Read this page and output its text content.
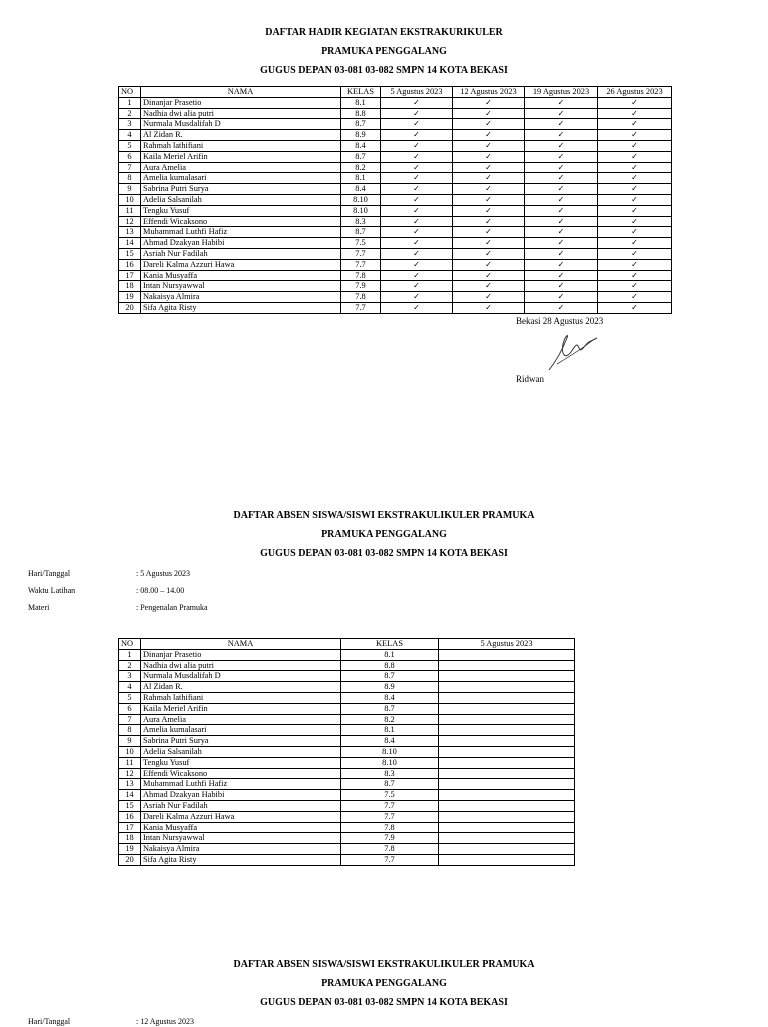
DAFTAR HADIR KEGIATAN EKSTRAKURIKULER
PRAMUKA PENGGALANG
GUGUS DEPAN 03-081 03-082 SMPN 14 KOTA BEKASI
NO	NAMA	KELAS	5 Agustus 2023	12 Agustus 2023	19 Agustus 2023	26 Agustus 2023
1	Dinanjar Prasetio	8.1	✓	✓	✓	✓
2	Nadhia dwi alia putri	8.8	✓	✓	✓	✓
3	Nurmala Musdalifah D	8.7	✓	✓	✓	✓
4	Al Zidan R.	8.9	✓	✓	✓	✓
5	Rahmah lathifiani	8.4	✓	✓	✓	✓
6	Kaila Meriel Arifin	8.7	✓	✓	✓	✓
7	Aura Amelia	8.2	✓	✓	✓	✓
8	Amelia kumalasari	8.1	✓	✓	✓	✓
9	Sabrina Putri Surya	8.4	✓	✓	✓	✓
10	Adelia Salsanilah	8.10	✓	✓	✓	✓
11	Tengku Yusuf	8.10	✓	✓	✓	✓
12	Effendi Wicaksono	8.3	✓	✓	✓	✓
13	Muhammad Luthfi Hafiz	8.7	✓	✓	✓	✓
14	Ahmad Dzakyan Habibi	7.5	✓	✓	✓	✓
15	Asriah Nur Fadilah	7.7	✓	✓	✓	✓
16	Dareli Kalma Azzuri Hawa	7.7	✓	✓	✓	✓
17	Kania Musyaffa	7.8	✓	✓	✓	✓
18	Intan Nursyawwal	7.9	✓	✓	✓	✓
19	Nakaisya Almira	7.8	✓	✓	✓	✓
20	Sifa Agita Risty	7.7	✓	✓	✓	✓
Bekasi 28 Agustus 2023
Ridwan
DAFTAR ABSEN SISWA/SISWI EKSTRAKULIKULER PRAMUKA
PRAMUKA PENGGALANG
GUGUS DEPAN 03-081 03-082 SMPN 14 KOTA BEKASI
Hari/Tanggal	: 5 Agustus 2023
Waktu Latihan	: 08.00 – 14.00
Materi	: Pengenalan Pramuka
NO	NAMA	KELAS	5 Agustus 2023
1	Dinanjar Prasetio	8.1	
2	Nadhia dwi alia putri	8.8	
3	Nurmala Musdalifah D	8.7	
4	Al Zidan R.	8.9	
5	Rahmah lathifiani	8.4	
6	Kaila Meriel Arifin	8.7	
7	Aura Amelia	8.2	
8	Amelia kumalasari	8.1	
9	Sabrina Putri Surya	8.4	
10	Adelia Salsanilah	8.10	
11	Tengku Yusuf	8.10	
12	Effendi Wicaksono	8.3	
13	Muhammad Luthfi Hafiz	8.7	
14	Ahmad Dzakyan Habibi	7.5	
15	Asriah Nur Fadilah	7.7	
16	Dareli Kalma Azzuri Hawa	7.7	
17	Kania Musyaffa	7.8	
18	Intan Nursyawwal	7.9	
19	Nakaisya Almira	7.8	
20	Sifa Agita Risty	7.7	
DAFTAR ABSEN SISWA/SISWI EKSTRAKULIKULER PRAMUKA
PRAMUKA PENGGALANG
GUGUS DEPAN 03-081 03-082 SMPN 14 KOTA BEKASI
Hari/Tanggal	: 12 Agustus 2023
